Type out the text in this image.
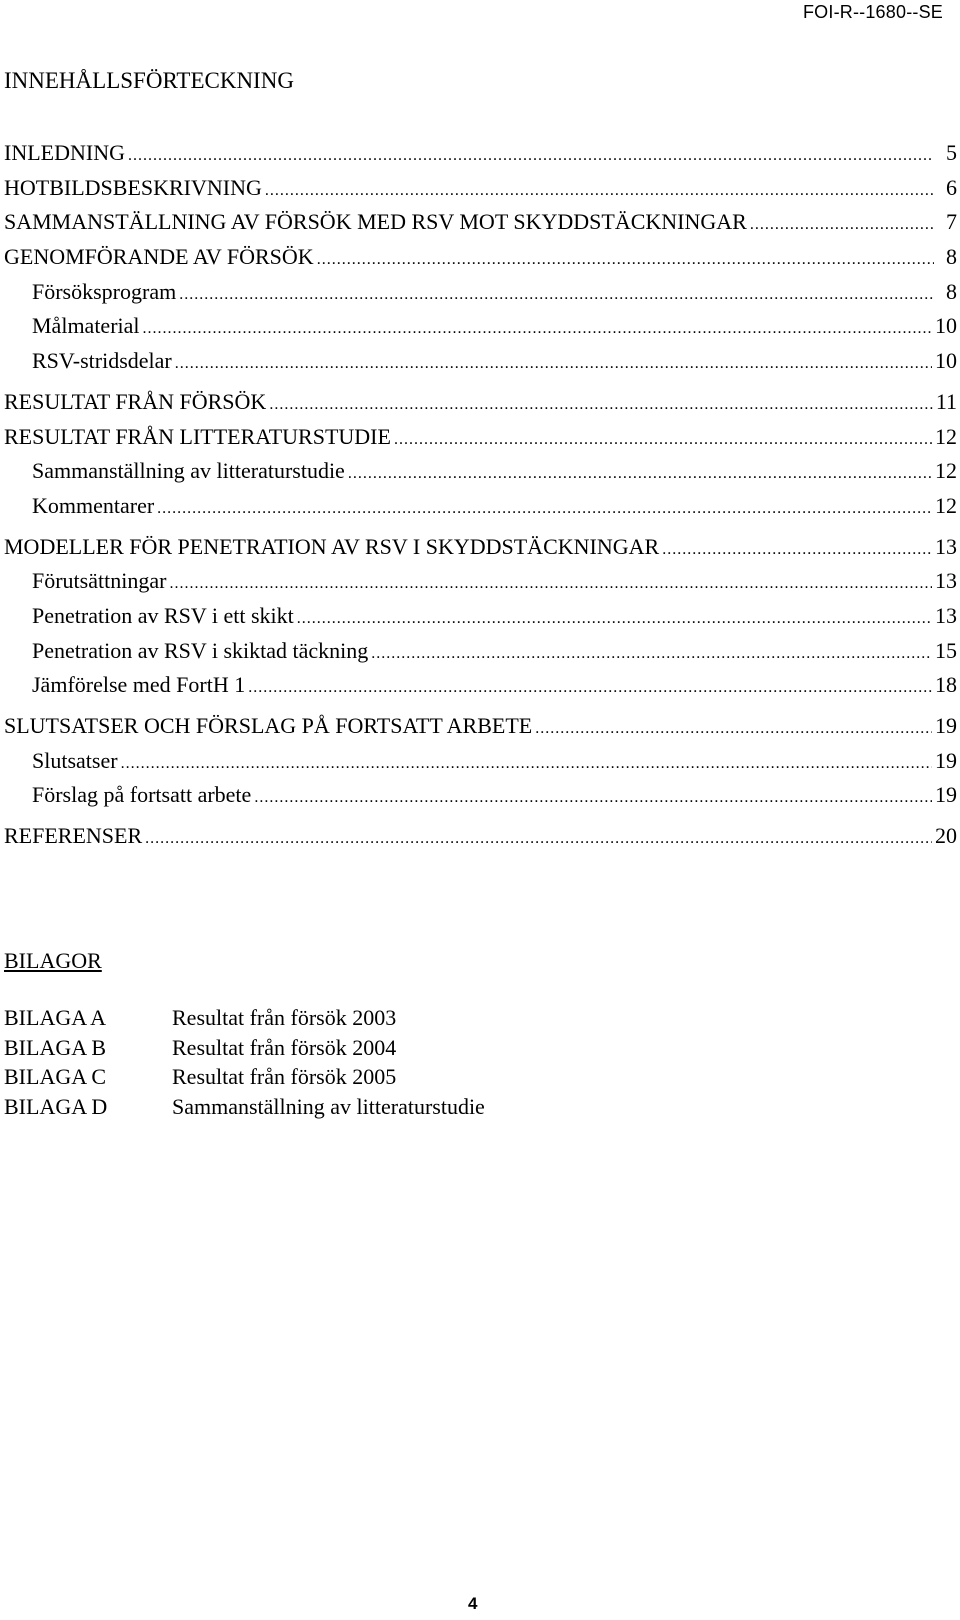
FOI-R--1680--SE
INNEHÅLLSFÖRTECKNING
INLEDNING .....	5
HOTBILDSBESKRIVNING .....	6
SAMMANSTÄLLNING AV FÖRSÖK MED RSV MOT SKYDDSTÄCKNINGAR .....	7
GENOMFÖRANDE AV FÖRSÖK .....	8
Försöksprogram .....	8
Målmaterial .....	10
RSV-stridsdelar .....	10
RESULTAT FRÅN FÖRSÖK .....	11
RESULTAT FRÅN LITTERATURSTUDIE .....	12
Sammanställning av litteraturstudie .....	12
Kommentarer .....	12
MODELLER FÖR PENETRATION AV RSV I SKYDDSTÄCKNINGAR .....	13
Förutsättningar .....	13
Penetration av RSV i ett skikt .....	13
Penetration av RSV i skiktad täckning .....	15
Jämförelse med FortH 1 .....	18
SLUTSATSER OCH FÖRSLAG PÅ FORTSATT ARBETE .....	19
Slutsatser .....	19
Förslag på fortsatt arbete .....	19
REFERENSER .....	20
BILAGOR
BILAGA A	Resultat från försök 2003
BILAGA B	Resultat från försök 2004
BILAGA C	Resultat från försök 2005
BILAGA D	Sammanställning av litteraturstudie
4
